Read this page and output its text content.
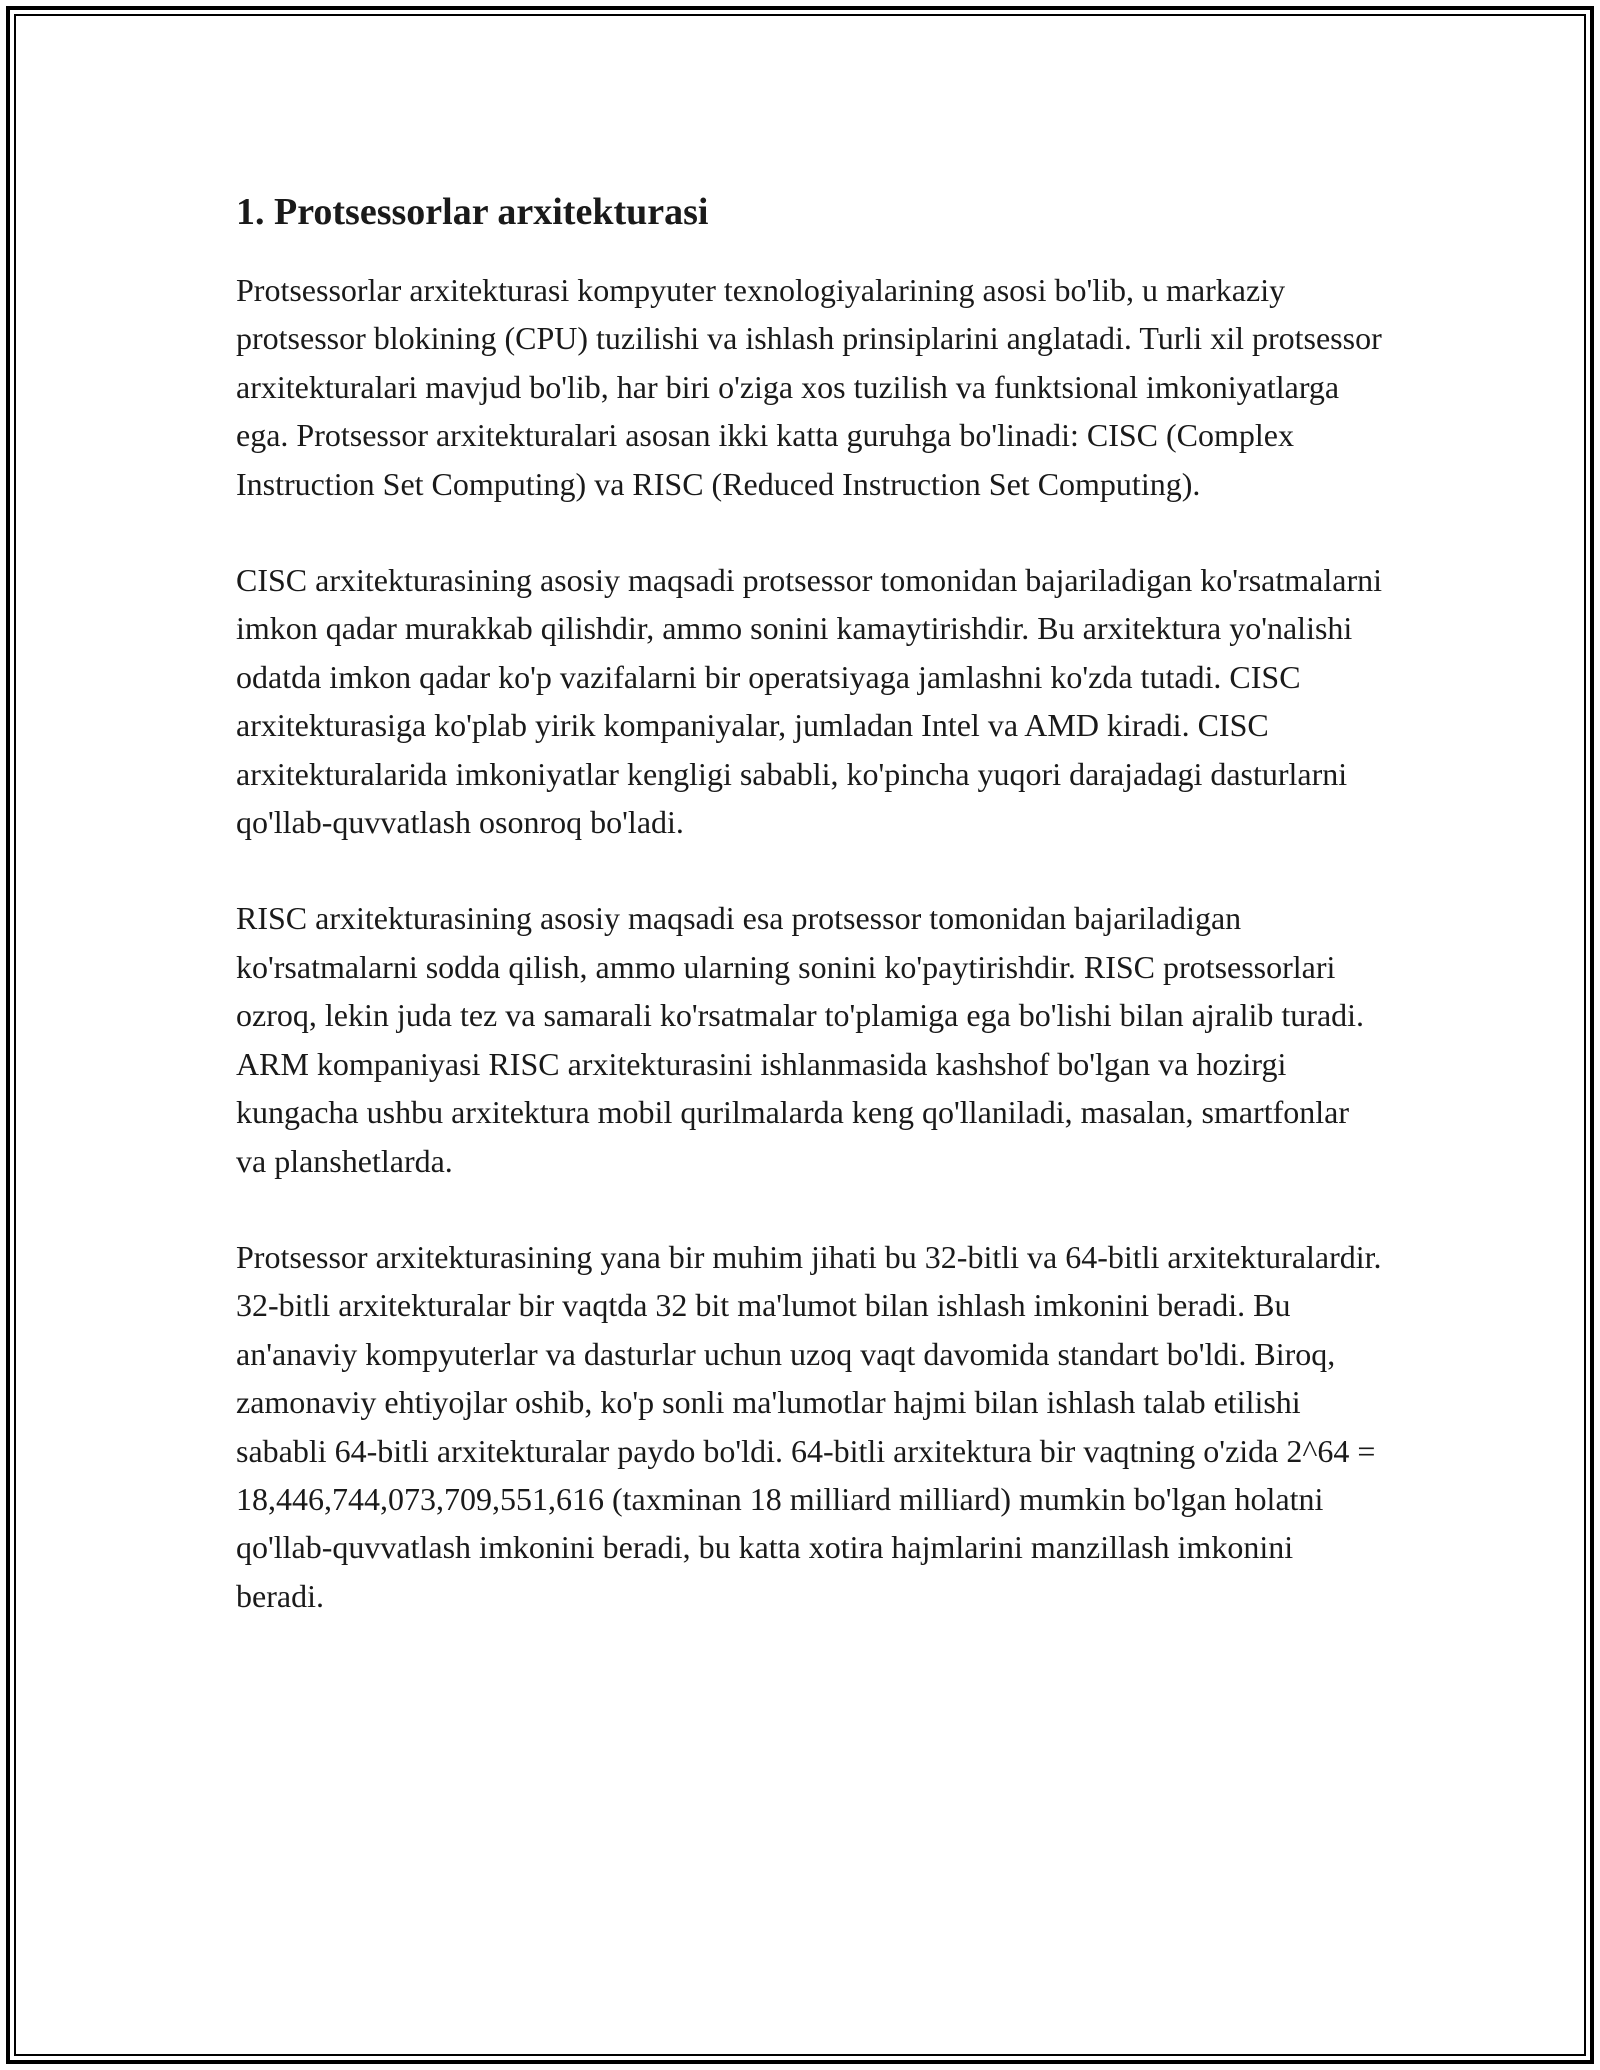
1. Protsessorlar arxitekturasi

Protsessorlar arxitekturasi kompyuter texnologiyalarining asosi bo'lib, u markaziy protsessor blokining (CPU) tuzilishi va ishlash prinsiplarini anglatadi. Turli xil protsessor arxitekturalari mavjud bo'lib, har biri o'ziga xos tuzilish va funktsional imkoniyatlarga ega. Protsessor arxitekturalari asosan ikki katta guruhga bo'linadi: CISC (Complex Instruction Set Computing) va RISC (Reduced Instruction Set Computing).

CISC arxitekturasining asosiy maqsadi protsessor tomonidan bajariladigan ko'rsatmalarni imkon qadar murakkab qilishdir, ammo sonini kamaytirishdir. Bu arxitektura yo'nalishi odatda imkon qadar ko'p vazifalarni bir operatsiyaga jamlashni ko'zda tutadi. CISC arxitekturasiga ko'plab yirik kompaniyalar, jumladan Intel va AMD kiradi. CISC arxitekturalarida imkoniyatlar kengligi sababli, ko'pincha yuqori darajadagi dasturlarni qo'llab-quvvatlash osonroq bo'ladi.

RISC arxitekturasining asosiy maqsadi esa protsessor tomonidan bajariladigan ko'rsatmalarni sodda qilish, ammo ularning sonini ko'paytirishdir. RISC protsessorlari ozroq, lekin juda tez va samarali ko'rsatmalar to'plamiga ega bo'lishi bilan ajralib turadi. ARM kompaniyasi RISC arxitekturasini ishlanmasida kashshof bo'lgan va hozirgi kungacha ushbu arxitektura mobil qurilmalarda keng qo'llaniladi, masalan, smartfonlar va planshetlarda.

Protsessor arxitekturasining yana bir muhim jihati bu 32-bitli va 64-bitli arxitekturalardir. 32-bitli arxitekturalar bir vaqtda 32 bit ma'lumot bilan ishlash imkonini beradi. Bu an'anaviy kompyuterlar va dasturlar uchun uzoq vaqt davomida standart bo'ldi. Biroq, zamonaviy ehtiyojlar oshib, ko'p sonli ma'lumotlar hajmi bilan ishlash talab etilishi sababli 64-bitli arxitekturalar paydo bo'ldi. 64-bitli arxitektura bir vaqtning o'zida 2^64 = 18,446,744,073,709,551,616 (taxminan 18 milliard milliard) mumkin bo'lgan holatni qo'llab-quvvatlash imkonini beradi, bu katta xotira hajmlarini manzillash imkonini beradi.
